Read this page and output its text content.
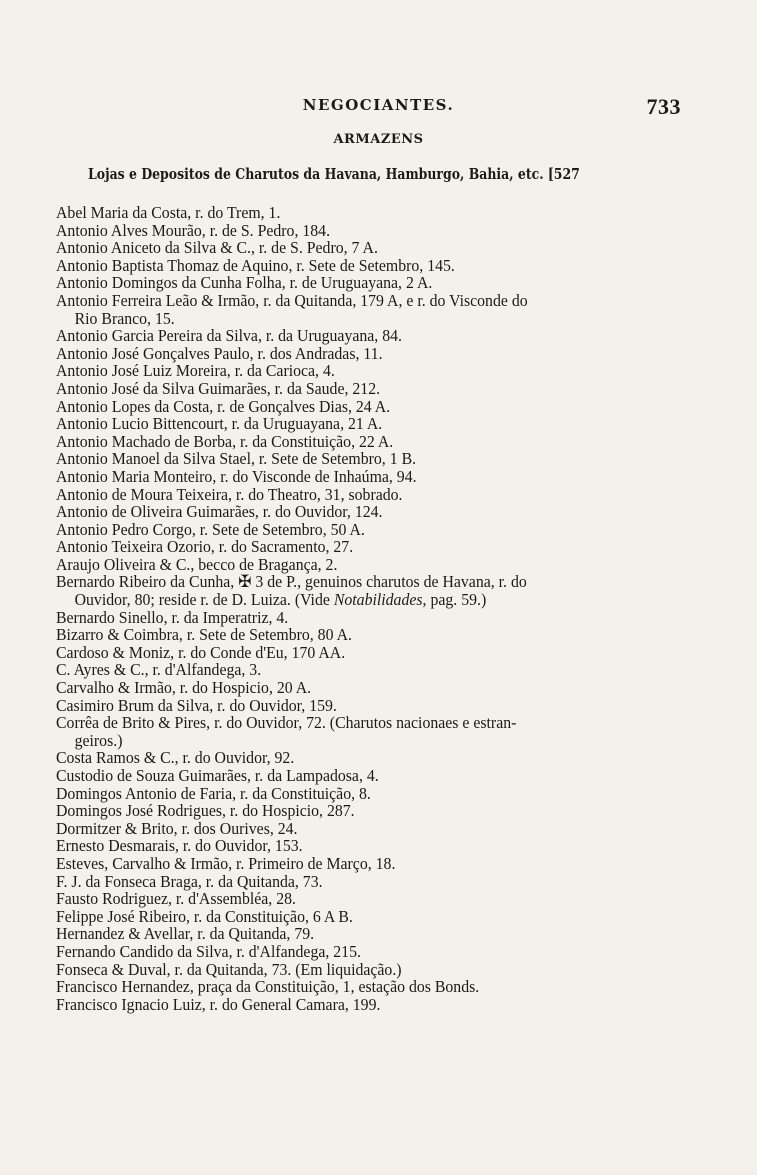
NEGOCIANTES.	733
ARMAZENS
Lojas e Depositos de Charutos da Havana, Hamburgo, Bahia, etc. [527
Abel Maria da Costa, r. do Trem, 1.
Antonio Alves Mourão, r. de S. Pedro, 184.
Antonio Aniceto da Silva & C., r. de S. Pedro, 7 A.
Antonio Baptista Thomaz de Aquino, r. Sete de Setembro, 145.
Antonio Domingos da Cunha Folha, r. de Uruguayana, 2 A.
Antonio Ferreira Leão & Irmão, r. da Quitanda, 179 A, e r. do Visconde do
Rio Branco, 15.
Antonio Garcia Pereira da Silva, r. da Uruguayana, 84.
Antonio José Gonçalves Paulo, r. dos Andradas, 11.
Antonio José Luiz Moreira, r. da Carioca, 4.
Antonio José da Silva Guimarães, r. da Saude, 212.
Antonio Lopes da Costa, r. de Gonçalves Dias, 24 A.
Antonio Lucio Bittencourt, r. da Uruguayana, 21 A.
Antonio Machado de Borba, r. da Constituição, 22 A.
Antonio Manoel da Silva Stael, r. Sete de Setembro, 1 B.
Antonio Maria Monteiro, r. do Visconde de Inhaúma, 94.
Antonio de Moura Teixeira, r. do Theatro, 31, sobrado.
Antonio de Oliveira Guimarães, r. do Ouvidor, 124.
Antonio Pedro Corgo, r. Sete de Setembro, 50 A.
Antonio Teixeira Ozorio, r. do Sacramento, 27.
Araujo Oliveira & C., becco de Bragança, 2.
Bernardo Ribeiro da Cunha, ✠ 3 de P., genuinos charutos de Havana, r. do
Ouvidor, 80; reside r. de D. Luiza. (Vide Notabilidades, pag. 59.)
Bernardo Sinello, r. da Imperatriz, 4.
Bizarro & Coimbra, r. Sete de Setembro, 80 A.
Cardoso & Moniz, r. do Conde d'Eu, 170 AA.
C. Ayres & C., r. d'Alfandega, 3.
Carvalho & Irmão, r. do Hospicio, 20 A.
Casimiro Brum da Silva, r. do Ouvidor, 159.
Corrêa de Brito & Pires, r. do Ouvidor, 72. (Charutos nacionaes e estran-
geiros.)
Costa Ramos & C., r. do Ouvidor, 92.
Custodio de Souza Guimarães, r. da Lampadosa, 4.
Domingos Antonio de Faria, r. da Constituição, 8.
Domingos José Rodrigues, r. do Hospicio, 287.
Dormitzer & Brito, r. dos Ourives, 24.
Ernesto Desmarais, r. do Ouvidor, 153.
Esteves, Carvalho & Irmão, r. Primeiro de Março, 18.
F. J. da Fonseca Braga, r. da Quitanda, 73.
Fausto Rodriguez, r. d'Assembléa, 28.
Felippe José Ribeiro, r. da Constituição, 6 A B.
Hernandez & Avellar, r. da Quitanda, 79.
Fernando Candido da Silva, r. d'Alfandega, 215.
Fonseca & Duval, r. da Quitanda, 73. (Em liquidação.)
Francisco Hernandez, praça da Constituição, 1, estação dos Bonds.
Francisco Ignacio Luiz, r. do General Camara, 199.
